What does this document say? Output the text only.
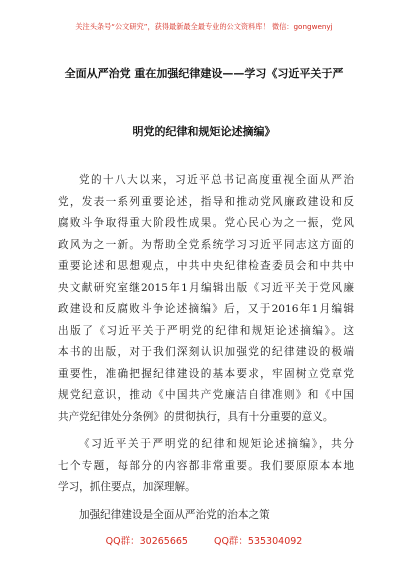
关注头条号“公文研究”，获得最新最全最专业的公文资料库！ 微信：gongwenyj
全面从严治党 重在加强纪律建设——学习《习近平关于严
明党的纪律和规矩论述摘编》
党的十八大以来，习近平总书记高度重视全面从严治
党，发表一系列重要论述，指导和推动党风廉政建设和反
腐败斗争取得重大阶段性成果。党心民心为之一振，党风
政风为之一新。为帮助全党系统学习习近平同志这方面的
重要论述和思想观点，中共中央纪律检查委员会和中共中
央文献研究室继2015年1月编辑出版《习近平关于党风廉
政建设和反腐败斗争论述摘编》后，又于2016年1月编辑
出版了《习近平关于严明党的纪律和规矩论述摘编》。这
本书的出版，对于我们深刻认识加强党的纪律建设的极端
重要性，准确把握纪律建设的基本要求，牢固树立党章党
规党纪意识，推动《中国共产党廉洁自律准则》和《中国
共产党纪律处分条例》的贯彻执行，具有十分重要的意义。
《习近平关于严明党的纪律和规矩论述摘编》，共分
七个专题，每部分的内容都非常重要。我们要原原本本地
学习，抓住要点，加深理解。
加强纪律建设是全面从严治党的治本之策
QQ群：30265665	QQ群：535304092
